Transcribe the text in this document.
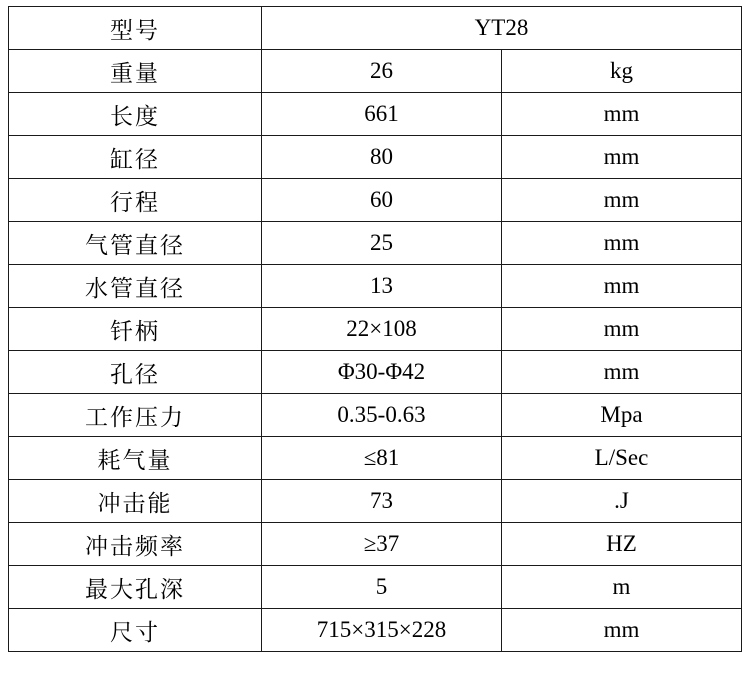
型号	YT28	
重量	26	kg
长度	661	mm
缸径	80	mm
行程	60	mm
气管直径	25	mm
水管直径	13	mm
钎柄	22×108	mm
孔径	Φ30-Φ42	mm
工作压力	0.35-0.63	Mpa
耗气量	≤81	L/Sec
冲击能	73	.J
冲击频率	≥37	HZ
最大孔深	5	m
尺寸	715×315×228	mm
